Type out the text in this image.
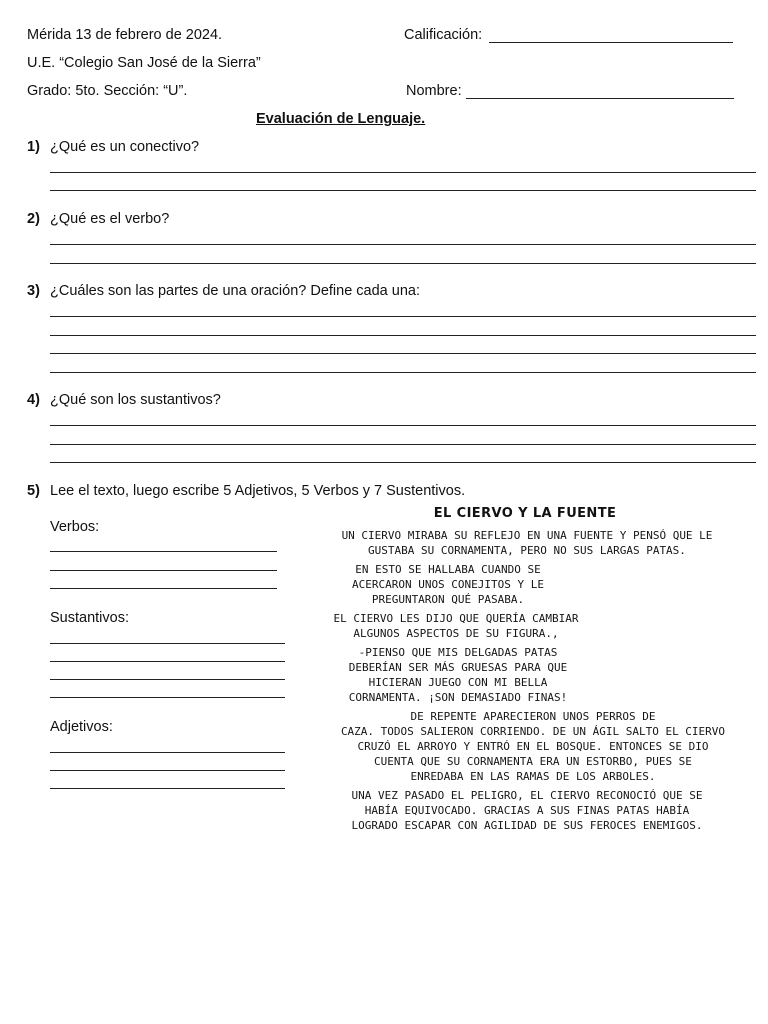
Mérida 13 de febrero de 2024.	Calificación:
U.E. “Colegio San José de la Sierra”
Grado: 5to. Sección: “U”.	Nombre:
Evaluación de Lenguaje.
1) ¿Qué es un conectivo?
2) ¿Qué es el verbo?
3) ¿Cuáles son las partes de una oración? Define cada una:
4) ¿Qué son los sustantivos?
5) Lee el texto, luego escribe 5 Adjetivos, 5 Verbos y 7 Sustentivos.
Verbos:
Sustantivos:
Adjetivos:
EL CIERVO Y LA FUENTE
UN CIERVO MIRABA SU REFLEJO EN UNA FUENTE Y PENSÓ QUE LE
GUSTABA SU CORNAMENTA, PERO NO SUS LARGAS PATAS.
EN ESTO SE HALLABA CUANDO SE
ACERCARON UNOS CONEJITOS Y LE
PREGUNTARON QUÉ PASABA.
EL CIERVO LES DIJO QUE QUERÍA CAMBIAR
ALGUNOS ASPECTOS DE SU FIGURA.,
-PIENSO QUE MIS DELGADAS PATAS
DEBERÍAN SER MÁS GRUESAS PARA QUE
HICIERAN JUEGO CON MI BELLA
CORNAMENTA. ¡SON DEMASIADO FINAS!
DE REPENTE APARECIERON UNOS PERROS DE
CAZA. TODOS SALIERON CORRIENDO. DE UN ÁGIL SALTO EL CIERVO
CRUZÓ EL ARROYO Y ENTRÓ EN EL BOSQUE. ENTONCES SE DIO
CUENTA QUE SU CORNAMENTA ERA UN ESTORBO, PUES SE
ENREDABA EN LAS RAMAS DE LOS ARBOLES.
UNA VEZ PASADO EL PELIGRO, EL CIERVO RECONOCIÓ QUE SE
HABÍA EQUIVOCADO. GRACIAS A SUS FINAS PATAS HABÍA
LOGRADO ESCAPAR CON AGILIDAD DE SUS FEROCES ENEMIGOS.
